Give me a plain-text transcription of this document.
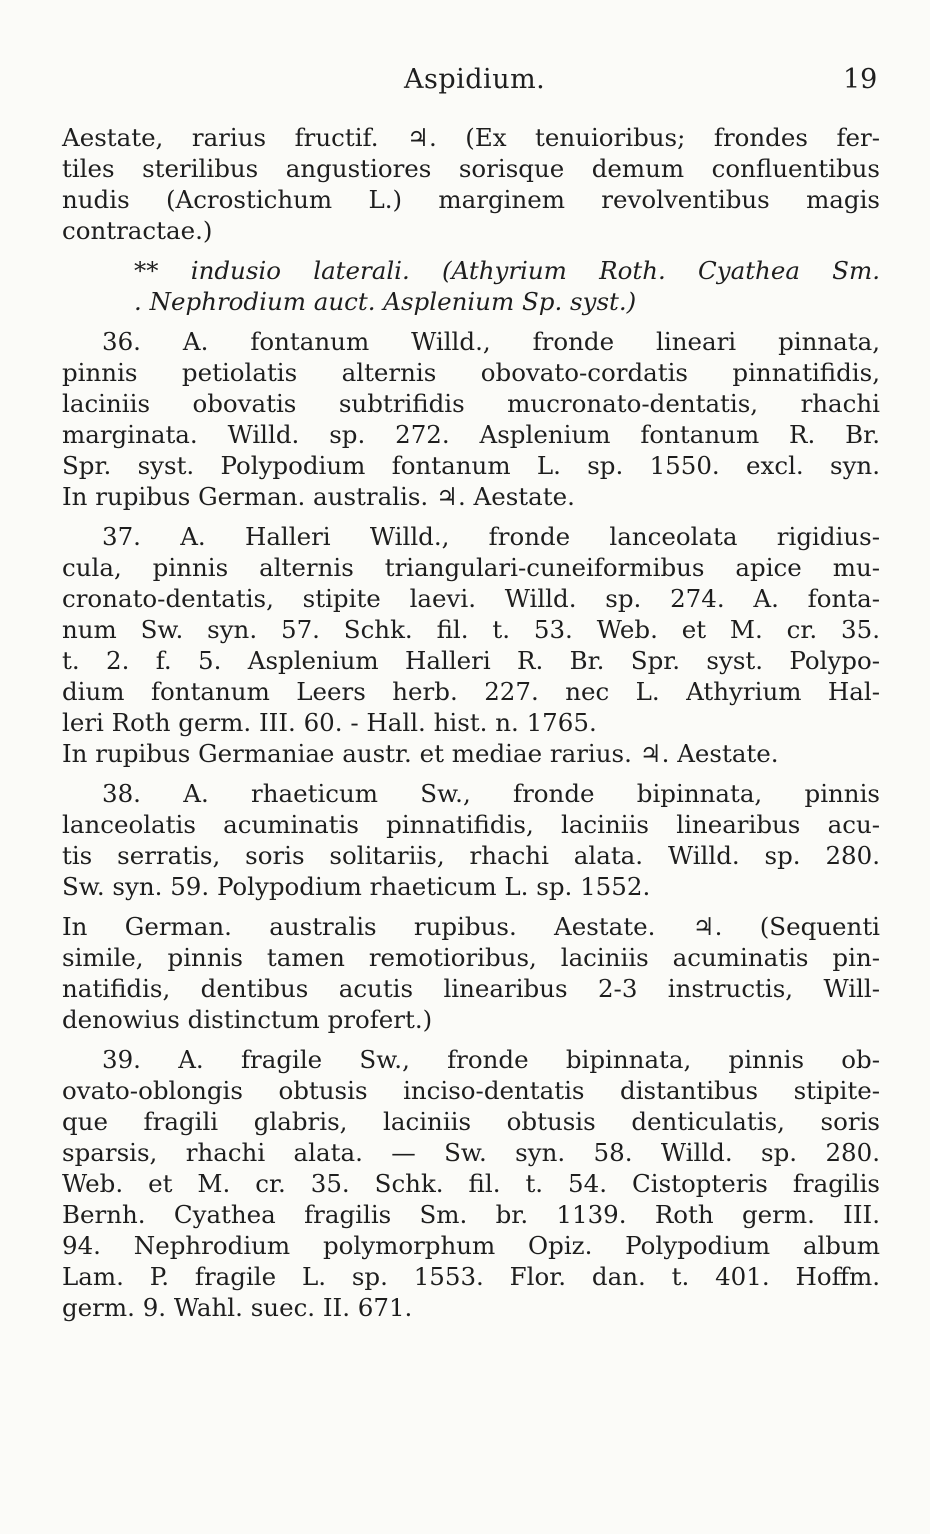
Aspidium.	19
Aestate, rarius fructif. ♃. (Ex tenuioribus; frondes fer-
tiles sterilibus angustiores sorisque demum confluentibus
nudis (Acrostichum L.) marginem revolventibus magis
contractae.)
** indusio laterali. (Athyrium Roth. Cyathea Sm.
. Nephrodium auct. Asplenium Sp. syst.)
36. A. fontanum Willd., fronde lineari pinnata,
pinnis petiolatis alternis obovato-cordatis pinnatifidis,
laciniis obovatis subtrifidis mucronato-dentatis, rhachi
marginata. Willd. sp. 272. Asplenium fontanum R. Br.
Spr. syst. Polypodium fontanum L. sp. 1550. excl. syn.
In rupibus German. australis. ♃. Aestate.
37. A. Halleri Willd., fronde lanceolata rigidius-
cula, pinnis alternis triangulari-cuneiformibus apice mu-
cronato-dentatis, stipite laevi. Willd. sp. 274. A. fonta-
num Sw. syn. 57. Schk. fil. t. 53. Web. et M. cr. 35.
t. 2. f. 5. Asplenium Halleri R. Br. Spr. syst. Polypo-
dium fontanum Leers herb. 227. nec L. Athyrium Hal-
leri Roth germ. III. 60. - Hall. hist. n. 1765.
In rupibus Germaniae austr. et mediae rarius. ♃. Aestate.
38. A. rhaeticum Sw., fronde bipinnata, pinnis
lanceolatis acuminatis pinnatifidis, laciniis linearibus acu-
tis serratis, soris solitariis, rhachi alata. Willd. sp. 280.
Sw. syn. 59. Polypodium rhaeticum L. sp. 1552.
In German. australis rupibus. Aestate. ♃. (Sequenti
simile, pinnis tamen remotioribus, laciniis acuminatis pin-
natifidis, dentibus acutis linearibus 2-3 instructis, Will-
denowius distinctum profert.)
39. A. fragile Sw., fronde bipinnata, pinnis ob-
ovato-oblongis obtusis inciso-dentatis distantibus stipite-
que fragili glabris, laciniis obtusis denticulatis, soris
sparsis, rhachi alata. — Sw. syn. 58. Willd. sp. 280.
Web. et M. cr. 35. Schk. fil. t. 54. Cistopteris fragilis
Bernh. Cyathea fragilis Sm. br. 1139. Roth germ. III.
94. Nephrodium polymorphum Opiz. Polypodium album
Lam. P. fragile L. sp. 1553. Flor. dan. t. 401. Hoffm.
germ. 9. Wahl. suec. II. 671.
